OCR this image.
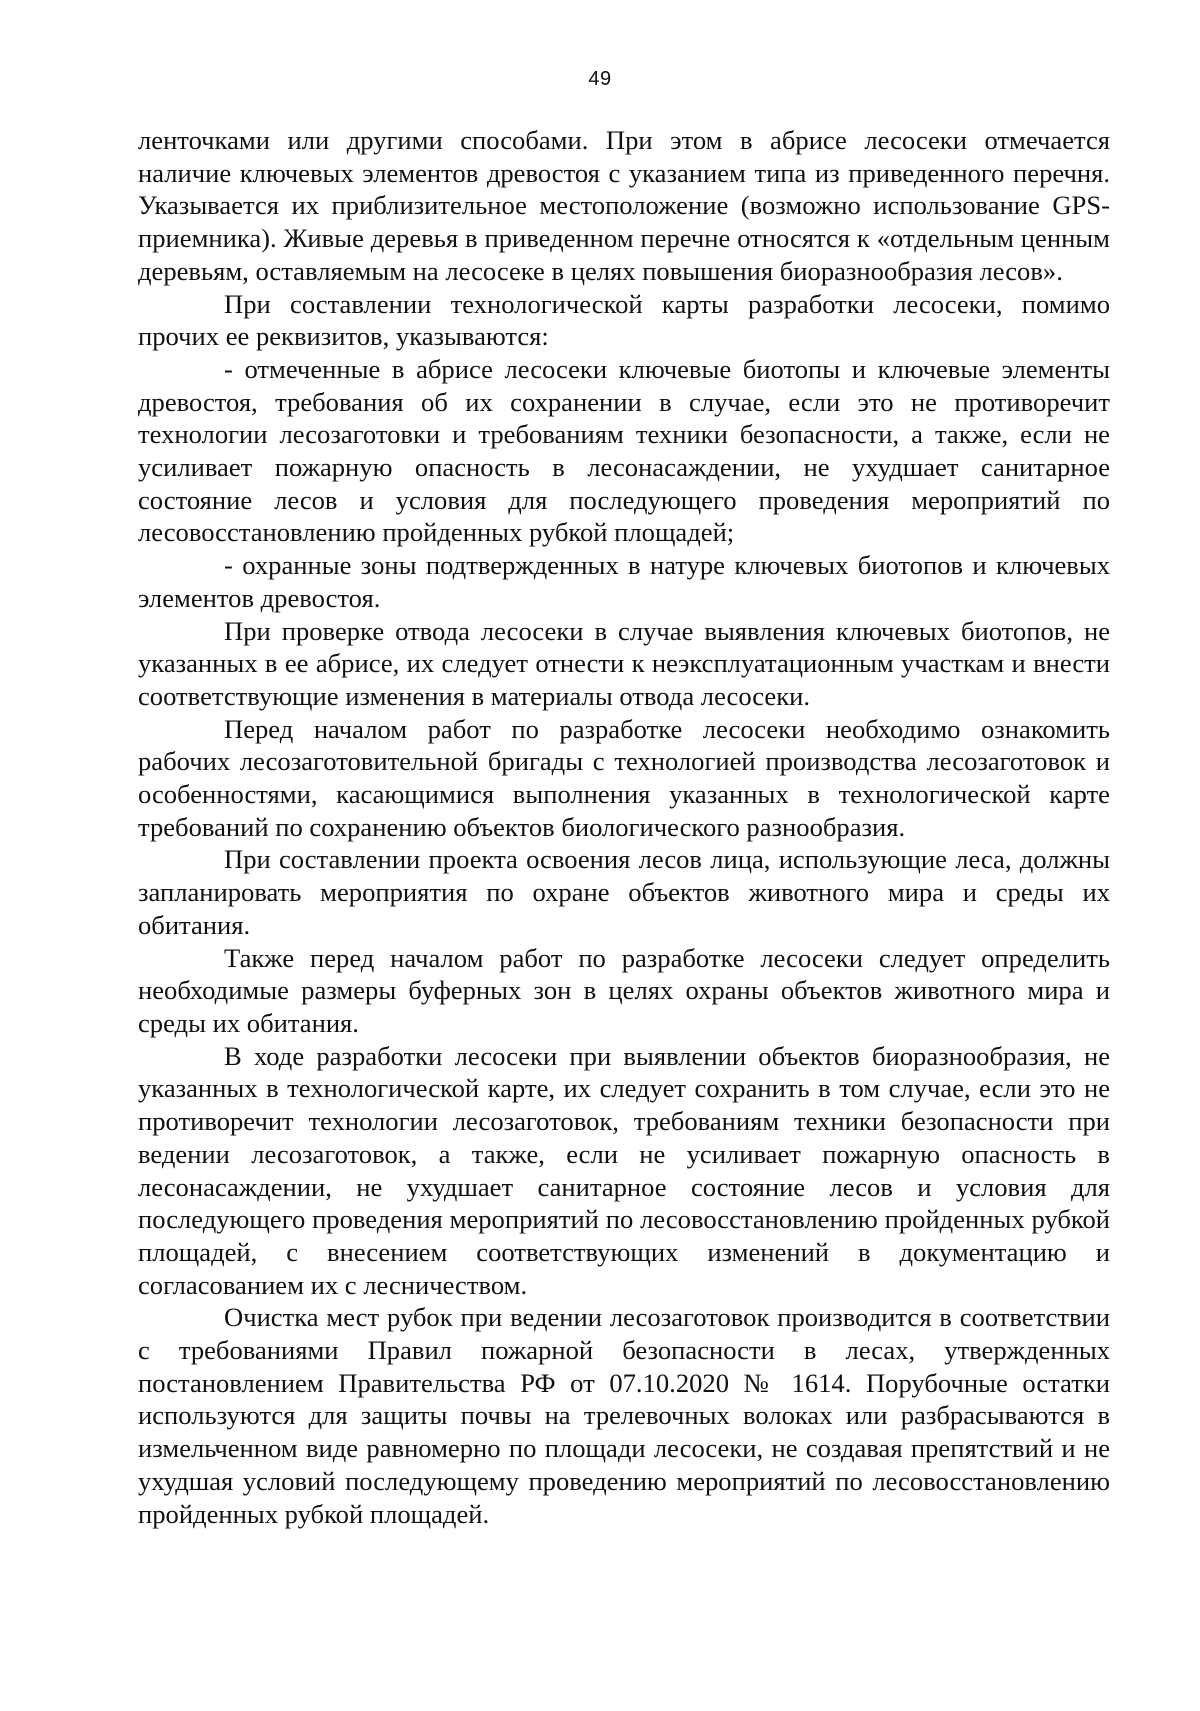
49

ленточками или другими способами. При этом в абрисе лесосеки отмечается наличие ключевых элементов древостоя с указанием типа из приведенного перечня. Указывается их приблизительное местоположение (возможно использование GPS-приемника). Живые деревья в приведенном перечне относятся к «отдельным ценным деревьям, оставляемым на лесосеке в целях повышения биоразнообразия лесов».

При составлении технологической карты разработки лесосеки, помимо прочих ее реквизитов, указываются:

- отмеченные в абрисе лесосеки ключевые биотопы и ключевые элементы древостоя, требования об их сохранении в случае, если это не противоречит технологии лесозаготовки и требованиям техники безопасности, а также, если не усиливает пожарную опасность в лесонасаждении, не ухудшает санитарное состояние лесов и условия для последующего проведения мероприятий по лесовосстановлению пройденных рубкой площадей;

- охранные зоны подтвержденных в натуре ключевых биотопов и ключевых элементов древостоя.

При проверке отвода лесосеки в случае выявления ключевых биотопов, не указанных в ее абрисе, их следует отнести к неэксплуатационным участкам и внести соответствующие изменения в материалы отвода лесосеки.

Перед началом работ по разработке лесосеки необходимо ознакомить рабочих лесозаготовительной бригады с технологией производства лесозаготовок и особенностями, касающимися выполнения указанных в технологической карте требований по сохранению объектов биологического разнообразия.

При составлении проекта освоения лесов лица, использующие леса, должны запланировать мероприятия по охране объектов животного мира и среды их обитания.

Также перед началом работ по разработке лесосеки следует определить необходимые размеры буферных зон в целях охраны объектов животного мира и среды их обитания.

В ходе разработки лесосеки при выявлении объектов биоразнообразия, не указанных в технологической карте, их следует сохранить в том случае, если это не противоречит технологии лесозаготовок, требованиям техники безопасности при ведении лесозаготовок, а также, если не усиливает пожарную опасность в лесонасаждении, не ухудшает санитарное состояние лесов и условия для последующего проведения мероприятий по лесовосстановлению пройденных рубкой площадей, с внесением соответствующих изменений в документацию и согласованием их с лесничеством.

Очистка мест рубок при ведении лесозаготовок производится в соответствии с требованиями Правил пожарной безопасности в лесах, утвержденных постановлением Правительства РФ от 07.10.2020 № 1614. Порубочные остатки используются для защиты почвы на трелевочных волоках или разбрасываются в измельченном виде равномерно по площади лесосеки, не создавая препятствий и не ухудшая условий последующему проведению мероприятий по лесовосстановлению пройденных рубкой площадей.
